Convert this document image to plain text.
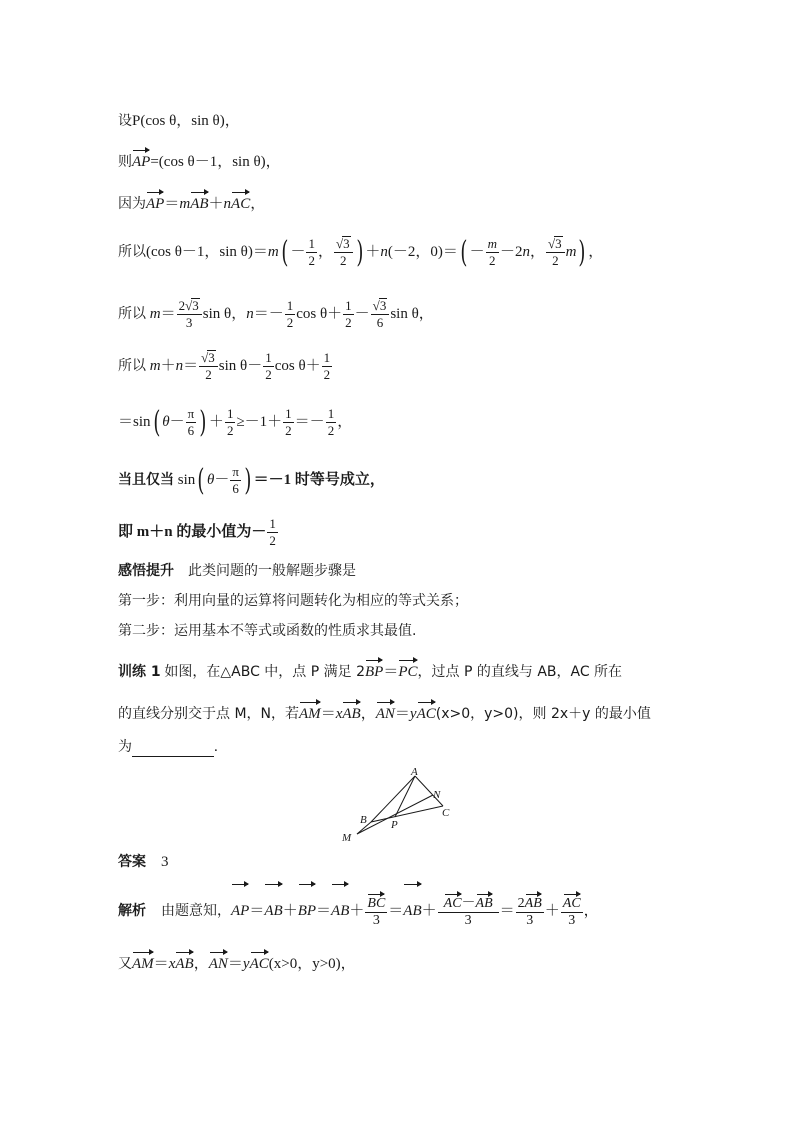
设P(cos θ，sin θ)，
则AP=(cos θ－1，sin θ)，
因为AP＝mAB＋nAC，
所以(cos θ－1，$\sin \theta)=m( - \frac{1}{2}$ ， $\frac{√ 3}{2}$ ) ＋n(－2，$0)=( - \frac{m}{2} -2n$， $\frac{√ 3}{2} m$) ，
所以 $m= \frac{2 √ 3}{3}$ sin θ，$n=- \frac{1}{2}$ $\cos \theta+ \frac{1}{2} - \frac{√ 3}{6}$ sin θ，
所以 $m+n= \frac{√ 3}{2}$ $\sin \theta- \frac{1}{2}$ $\cos \theta+ \frac{1}{2}$
＝sin( $\theta- \frac{\pi}{6}$ ) ＋ $\frac{1}{2} \ge-1+ \frac{1}{2} =- \frac{1}{2}$ ，
当且仅当 sin( $\theta- \frac{\pi}{6}$ ) ＝－1 时等号成立，
即 m＋n 的最小值为－ $\frac{1}{2}$
感悟提升　 此类问题的一般解题步骤是
第一步：利用向量的运算将问题转化为相应的等式关系；
第二步：运用基本不等式或函数的性质求其最值.
训练 1 如图，在△ABC 中，点 P 满足 2BP＝PC，过点 P 的直线与 AB，AC 所在
的直线分别交于点 M，N，若AM＝xAB，AN＝yAC(x>0，y>0)，则 2x＋y 的最小值
为	.
A
B
C
N
P
M
答案　 3
解析　 由题意知，$AP=AB+BP=AB+ \frac{BC}{3} =AB+ \frac{AC-AB}{3} = \frac{2AB}{3} + \frac{AC}{3}$ ，
又AM＝xAB，AN＝yAC(x>0，y>0)，
